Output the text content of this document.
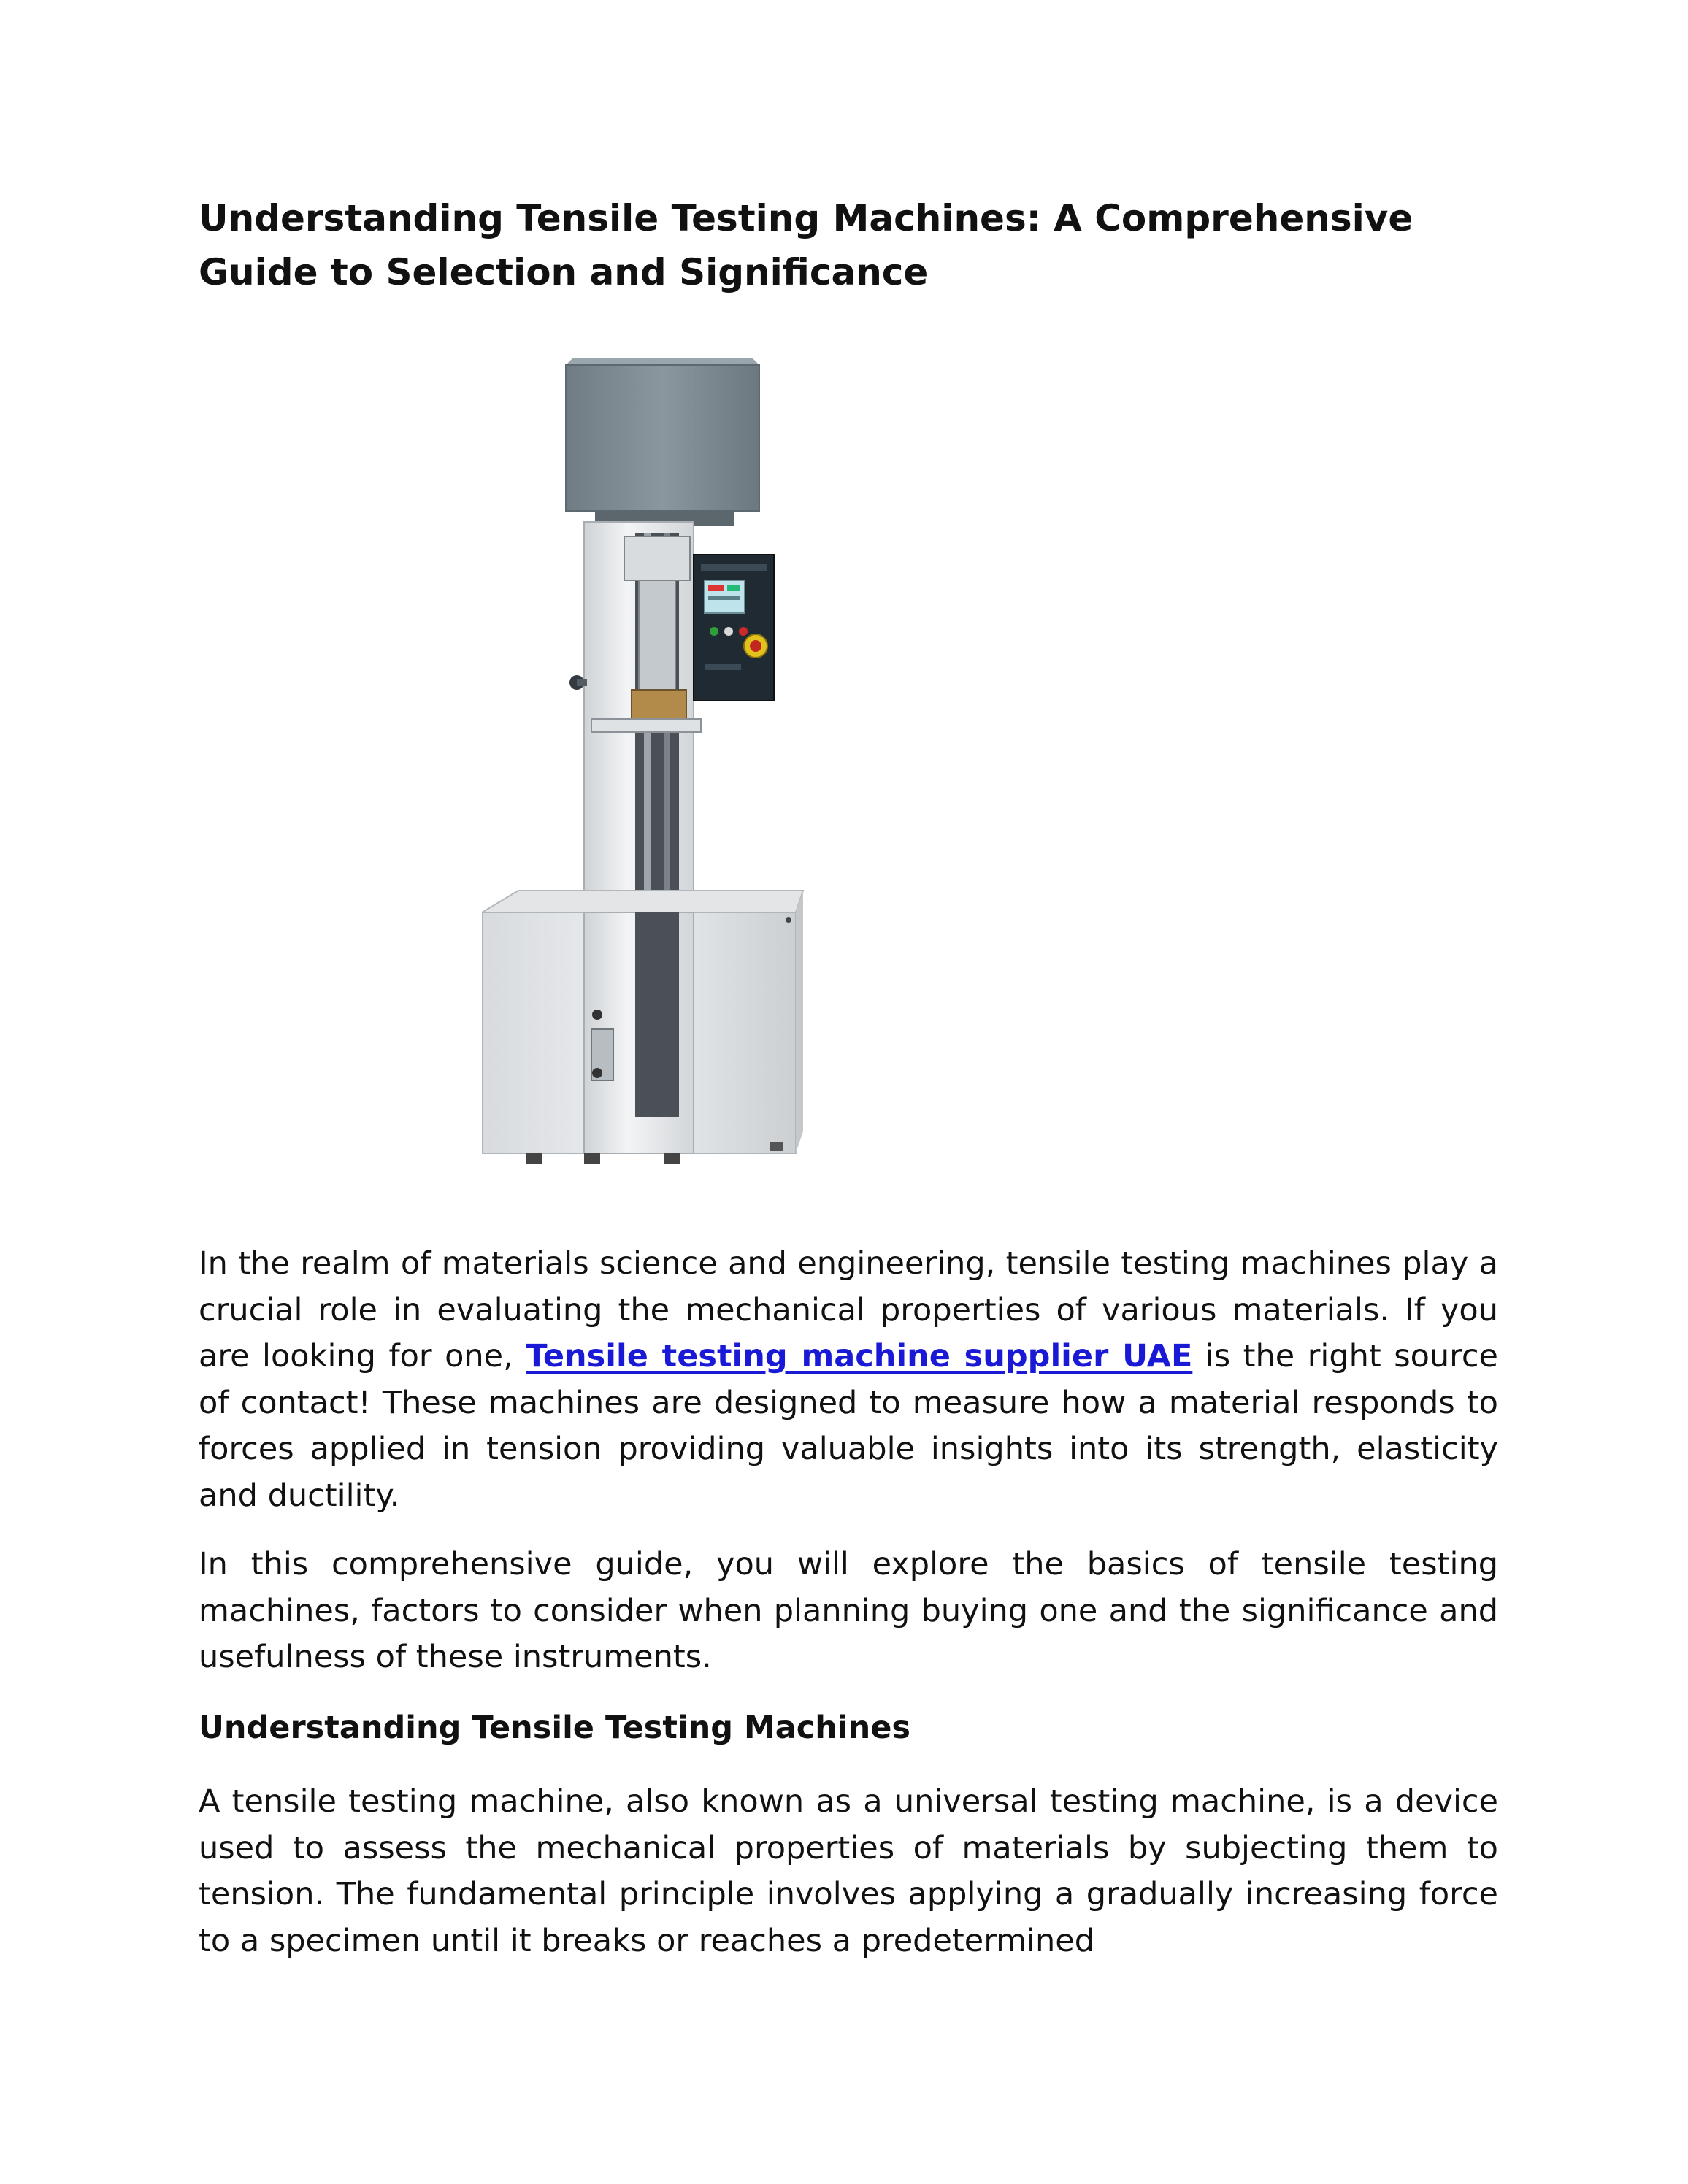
Understanding Tensile Testing Machines: A Comprehensive Guide to Selection and Significance

In the realm of materials science and engineering, tensile testing machines play a crucial role in evaluating the mechanical properties of various materials. If you are looking for one, Tensile testing machine supplier UAE is the right source of contact! These machines are designed to measure how a material responds to forces applied in tension providing valuable insights into its strength, elasticity and ductility.

In this comprehensive guide, you will explore the basics of tensile testing machines, factors to consider when planning buying one and the significance and usefulness of these instruments.

Understanding Tensile Testing Machines

A tensile testing machine, also known as a universal testing machine, is a device used to assess the mechanical properties of materials by subjecting them to tension. The fundamental principle involves applying a gradually increasing force to a specimen until it breaks or reaches a predetermined
